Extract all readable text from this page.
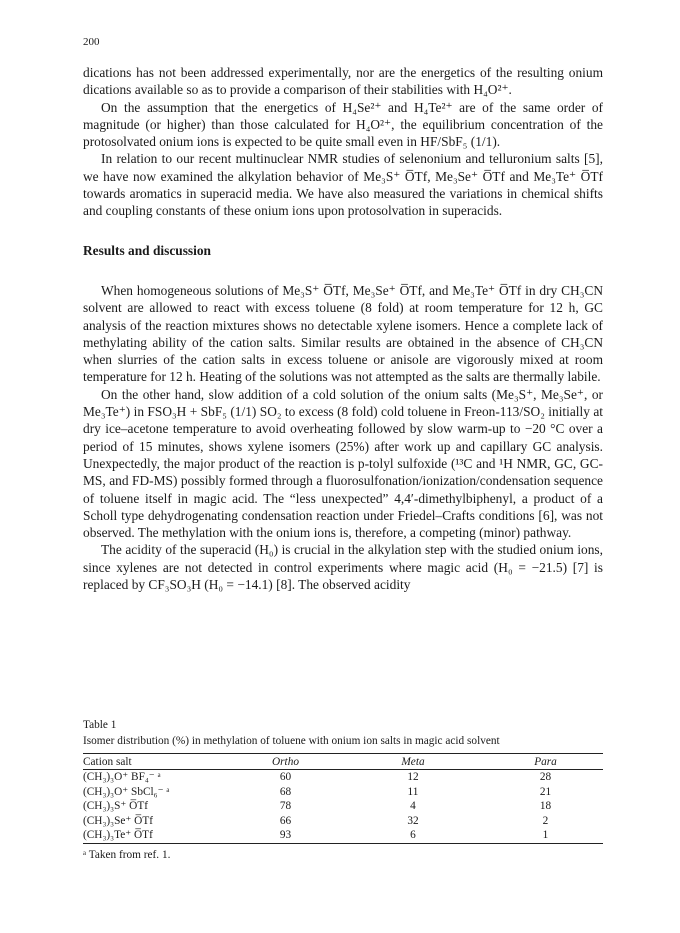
200

dications has not been addressed experimentally, nor are the energetics of the resulting onium dications available so as to provide a comparison of their stabilities with H₄O²⁺.

On the assumption that the energetics of H₄Se²⁺ and H₄Te²⁺ are of the same order of magnitude (or higher) than those calculated for H₄O²⁺, the equilibrium concentration of the protosolvated onium ions is expected to be quite small even in HF/SbF₅ (1/1).

In relation to our recent multinuclear NMR studies of selenonium and telluronium salts [5], we have now examined the alkylation behavior of Me₃S⁺ O̅Tf, Me₃Se⁺ O̅Tf and Me₃Te⁺ O̅Tf towards aromatics in superacid media. We have also measured the variations in chemical shifts and coupling constants of these onium ions upon protosolvation in superacids.

Results and discussion

When homogeneous solutions of Me₃S⁺ O̅Tf, Me₃Se⁺ O̅Tf, and Me₃Te⁺ O̅Tf in dry CH₃CN solvent are allowed to react with excess toluene (8 fold) at room temperature for 12 h, GC analysis of the reaction mixtures shows no detectable xylene isomers. Hence a complete lack of methylating ability of the cation salts. Similar results are obtained in the absence of CH₃CN when slurries of the cation salts in excess toluene or anisole are vigorously mixed at room temperature for 12 h. Heating of the solutions was not attempted as the salts are thermally labile.

On the other hand, slow addition of a cold solution of the onium salts (Me₃S⁺, Me₃Se⁺, or Me₃Te⁺) in FSO₃H + SbF₅ (1/1) SO₂ to excess (8 fold) cold toluene in Freon-113/SO₂ initially at dry ice–acetone temperature to avoid overheating followed by slow warm-up to −20 °C over a period of 15 minutes, shows xylene isomers (25%) after work up and capillary GC analysis. Unexpectedly, the major product of the reaction is p-tolyl sulfoxide (¹³C and ¹H NMR, GC, GC-MS, and FD-MS) possibly formed through a fluorosulfonation/ionization/condensation sequence of toluene itself in magic acid. The “less unexpected” 4,4′-dimethylbiphenyl, a product of a Scholl type dehydrogenating condensation reaction under Friedel–Crafts conditions [6], was not observed. The methylation with the onium ions is, therefore, a competing (minor) pathway.

The acidity of the superacid (H₀) is crucial in the alkylation step with the studied onium ions, since xylenes are not detected in control experiments where magic acid (H₀ = −21.5) [7] is replaced by CF₃SO₃H (H₀ = −14.1) [8]. The observed acidity

Table 1

Isomer distribution (%) in methylation of toluene with onium ion salts in magic acid solvent

Cation salt	Ortho	Meta	Para
(CH₃)₃O⁺ BF₄⁻ ᵃ	60	12	28
(CH₃)₃O⁺ SbCl₆⁻ ᵃ	68	11	21
(CH₃)₃S⁺ O̅Tf	78	4	18
(CH₃)₃Se⁺ O̅Tf	66	32	2
(CH₃)₃Te⁺ O̅Tf	93	6	1

ᵃ Taken from ref. 1.
